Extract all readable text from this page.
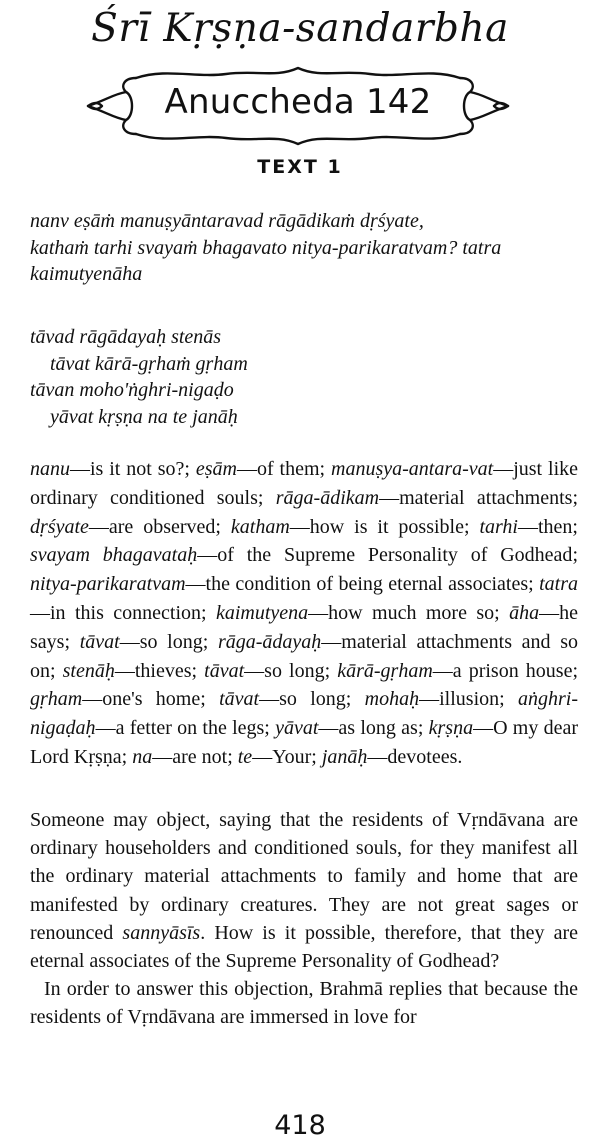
Śrī Kṛṣṇa-sandarbha
Anuccheda 142
TEXT 1
nanv eṣāṁ manuṣyāntaravad rāgādikaṁ dṛśyate,
kathaṁ tarhi svayaṁ bhagavato nitya-parikaratvam? tatra
kaimutyenāha
tāvad rāgādayaḥ stenās
tāvat kārā-gṛhaṁ gṛham
tāvan moho'ṅghri-nigaḍo
yāvat kṛṣṇa na te janāḥ
nanu—is it not so?; eṣām—of them; manuṣya-antara-vat—just like ordinary conditioned souls; rāga-ādikam—material attachments; dṛśyate—are observed; katham—how is it possible; tarhi—then; svayam bhagavataḥ—of the Supreme Personality of Godhead; nitya-parikaratvam—the condition of being eternal associates; tatra—in this connection; kaimutyena—how much more so; āha—he says; tāvat—so long; rāga-ādayaḥ—material attachments and so on; stenāḥ—thieves; tāvat—so long; kārā-gṛham—a prison house; gṛham—one's home; tāvat—so long; mohaḥ—illusion; aṅghri-nigaḍaḥ—a fetter on the legs; yāvat—as long as; kṛṣṇa—O my dear Lord Kṛṣṇa; na—are not; te—Your; janāḥ—devotees.

Someone may object, saying that the residents of Vṛndāvana are ordinary householders and conditioned souls, for they manifest all the ordinary material attachments to family and home that are manifested by ordinary creatures. They are not great sages or renounced sannyāsīs. How is it possible, therefore, that they are eternal associates of the Supreme Personality of Godhead?

In order to answer this objection, Brahmā replies that because the residents of Vṛndāvana are immersed in love for

418
